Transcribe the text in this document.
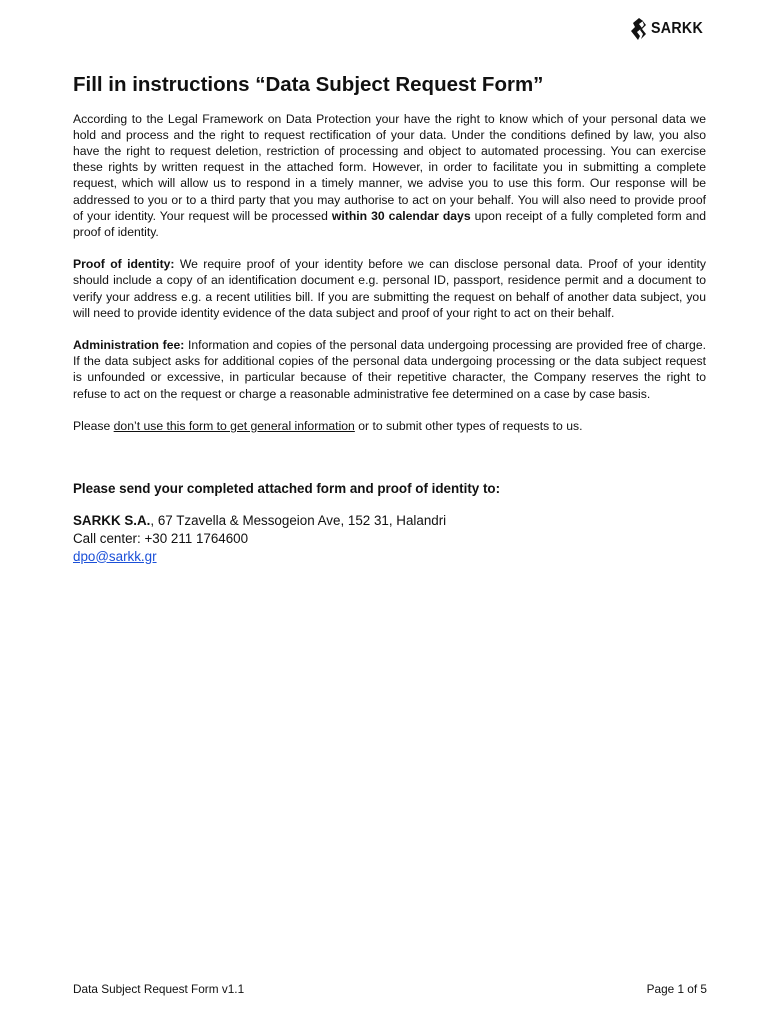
SARKK
Fill in instructions “Data Subject Request Form”

According to the Legal Framework on Data Protection your have the right to know which of your personal data we hold and process and the right to request rectification of your data. Under the conditions defined by law, you also have the right to request deletion, restriction of processing and object to automated processing. You can exercise these rights by written request in the attached form. However, in order to facilitate you in submitting a complete request, which will allow us to respond in a timely manner, we advise you to use this form. Our response will be addressed to you or to a third party that you may authorise to act on your behalf. You will also need to provide proof of your identity. Your request will be processed within 30 calendar days upon receipt of a fully completed form and proof of identity.

Proof of identity: We require proof of your identity before we can disclose personal data. Proof of your identity should include a copy of an identification document e.g. personal ID, passport, residence permit and a document to verify your address e.g. a recent utilities bill. If you are submitting the request on behalf of another data subject, you will need to provide identity evidence of the data subject and proof of your right to act on their behalf.

Administration fee: Information and copies of the personal data undergoing processing are provided free of charge. If the data subject asks for additional copies of the personal data undergoing processing or the data subject request is unfounded or excessive, in particular because of their repetitive character, the Company reserves the right to refuse to act on the request or charge a reasonable administrative fee determined on a case by case basis.

Please don’t use this form to get general information or to submit other types of requests to us.

Please send your completed attached form and proof of identity to:
SARKK S.A., 67 Tzavella & Messogeion Ave, 152 31, Halandri
Call center: +30 211 1764600
dpo@sarkk.gr
Data Subject Request Form v1.1	Page 1 of 5
